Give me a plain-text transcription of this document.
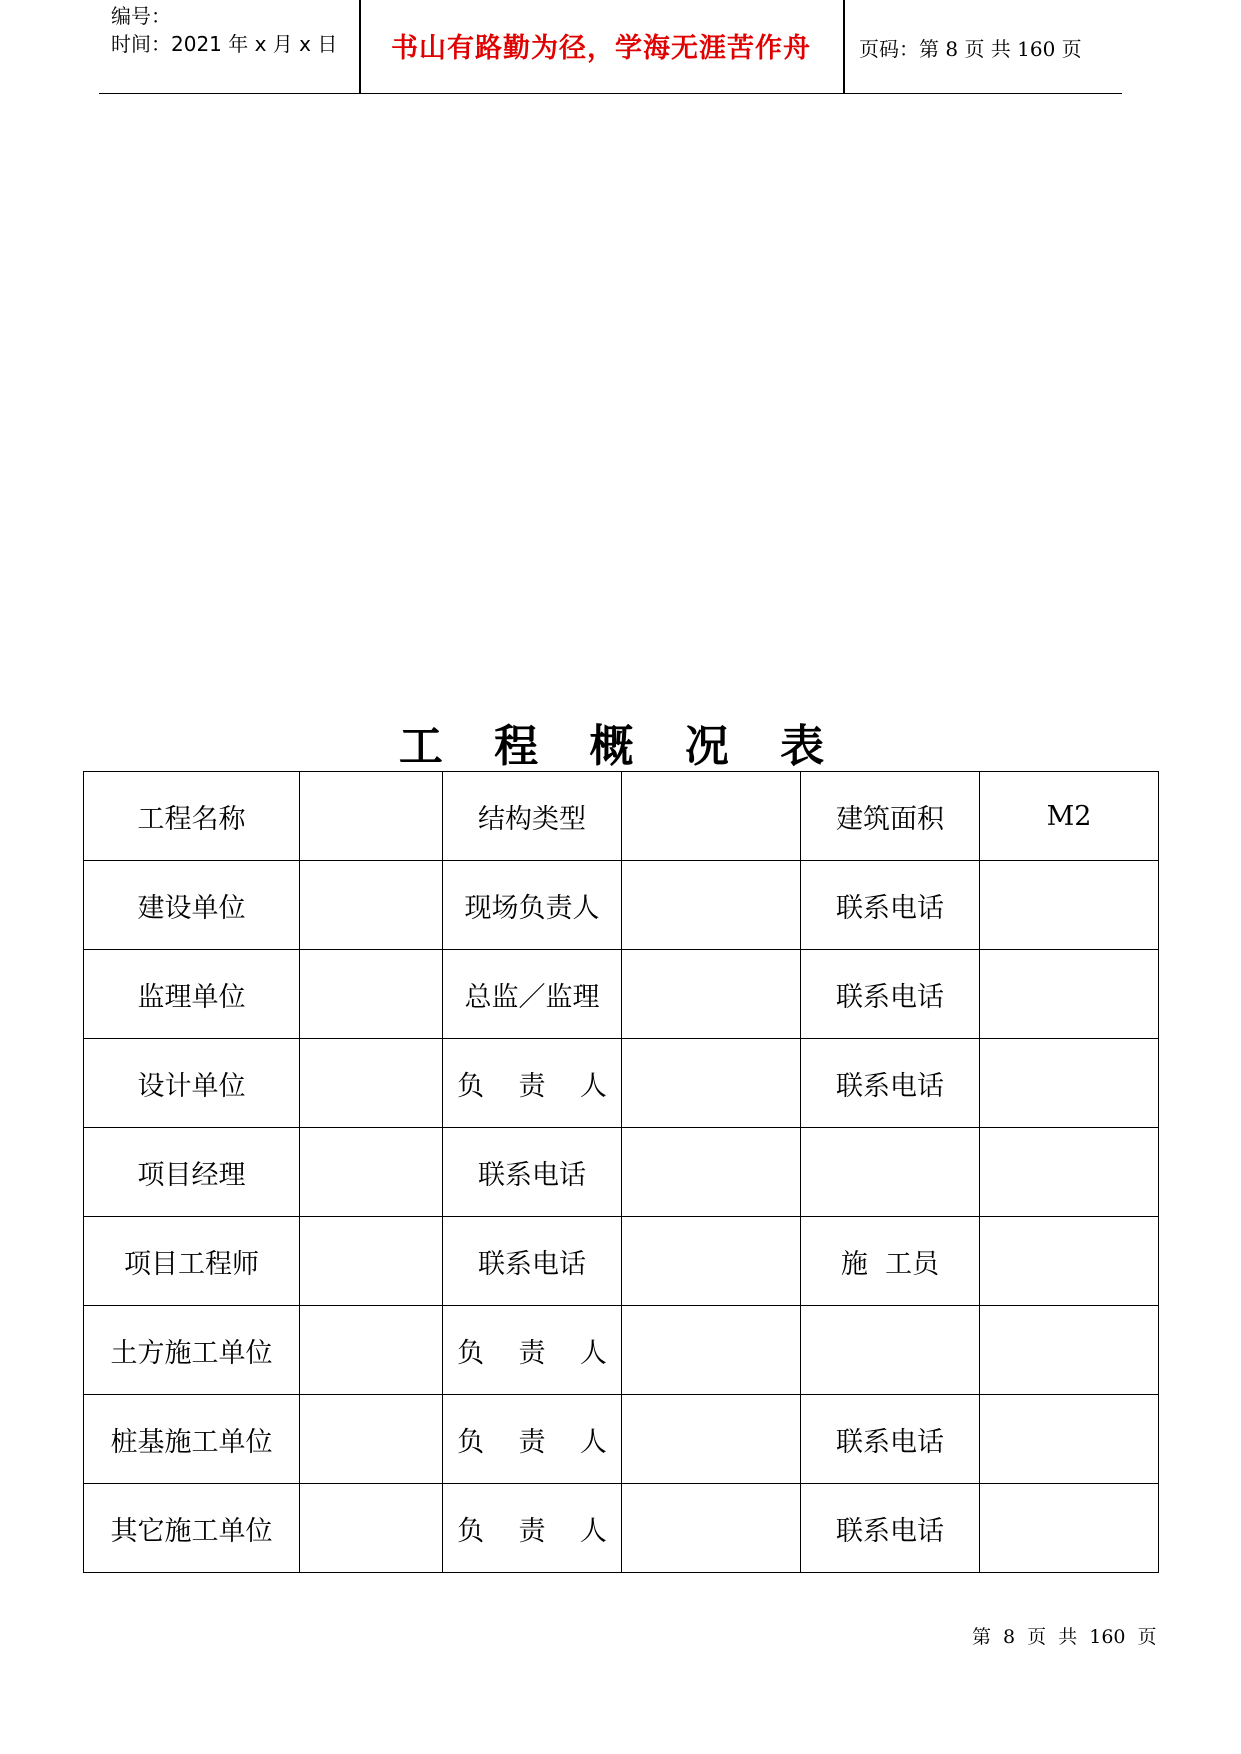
编号：
时间：2021 年 x 月 x 日	书山有路勤为径，学海无涯苦作舟	页码：第 8 页 共 160 页
工 程 概 况 表
工程名称		结构类型		建筑面积	M2
建设单位		现场负责人		联系电话	
监理单位		总监／监理		联系电话	
设计单位		负    责    人		联系电话	
项目经理		联系电话			
项目工程师		联系电话		施  工员	
土方施工单位		负    责    人			
桩基施工单位		负    责    人		联系电话	
其它施工单位		负    责    人		联系电话	
第 8 页 共 160 页
